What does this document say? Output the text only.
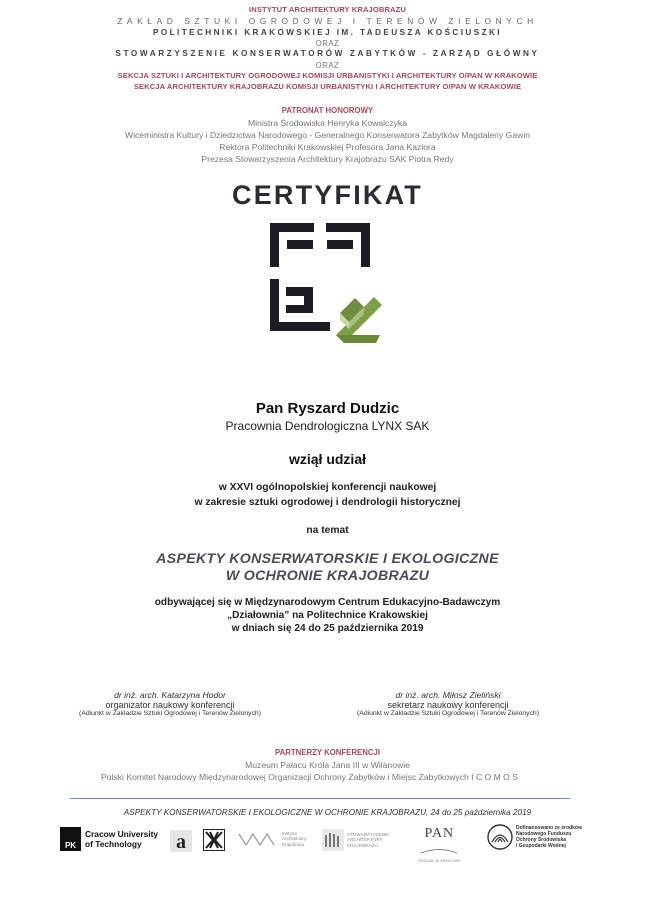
INSTYTUT ARCHITEKTURY KRAJOBRAZU
ZAKŁAD SZTUKI OGRODOWEJ I TERENÓW ZIELONYCH
POLITECHNIKI KRAKOWSKIEJ IM. TADEUSZA KOŚCIUSZKI
ORAZ
STOWARZYSZENIE KONSERWATORÓW ZABYTKÓW - ZARZĄD GŁÓWNY
ORAZ
SEKCJA SZTUKI I ARCHITEKTURY OGRODOWEJ KOMISJI URBANISTYKI I ARCHITEKTURY O/PAN W KRAKOWIE
SEKCJA ARCHITEKTURY KRAJOBRAZU KOMISJI URBANISTYKI I ARCHITEKTURY O/PAN W KRAKOWIE
PATRONAT HONOROWY
Ministra Środowiska Henryka Kowalczyka
Wiceministra Kultury i Dziedzictwa Narodowego - Generalnego Konserwatora Zabytków Magdaleny Gawin
Rektora Politechniki Krakowskiej Profesora Jana Kaziora
Prezesa Stowarzyszenia Architektury Krajobrazu SAK Piotra Redy
CERTYFIKAT
Pan Ryszard Dudzic
Pracownia Dendrologiczna LYNX SAK
wziął udział
w XXVI ogólnopolskiej konferencji naukowej
w zakresie sztuki ogrodowej i dendrologii historycznej
na temat
ASPEKTY KONSERWATORSKIE I EKOLOGICZNE
W OCHRONIE KRAJOBRAZU
odbywającej się w Międzynarodowym Centrum Edukacyjno-Badawczym
„Działownia” na Politechnice Krakowskiej
w dniach się 24 do 25 października 2019
dr inż. arch. Katarzyna Hodor
organizator naukowy konferencji
(Adiunkt w Zakładzie Sztuki Ogrodowej i Terenów Zielonych)
dr inż. arch. Miłosz Zieliński
sekretarz naukowy konferencji
(Adiunkt w Zakładzie Sztuki Ogrodowej i Terenów Zielonych)
PARTNERZY KONFERENCJI
Muzeum Pałacu Króla Jana III w Wilanowie
Polski Komitet Narodowy Międzynarodowej Organizacji Ochrony Zabytków i Miejsc Zabytkowych I C O M O S
ASPEKTY KONSERWATORSKIE I EKOLOGICZNE W OCHRONIE KRAJOBRAZU, 24 do 25 października 2019
PK
Cracow University
of Technology	a	Instytut
Architektury
Krajobrazu
STOWARZYSZENIE
ARCHITEKTURY
KRAJOBRAZU
PAN
ODDZIAŁ W KRAKOWIE
Dofinansowano ze środków
Narodowego Funduszu
Ochrony Środowiska
i Gospodarki Wodnej
